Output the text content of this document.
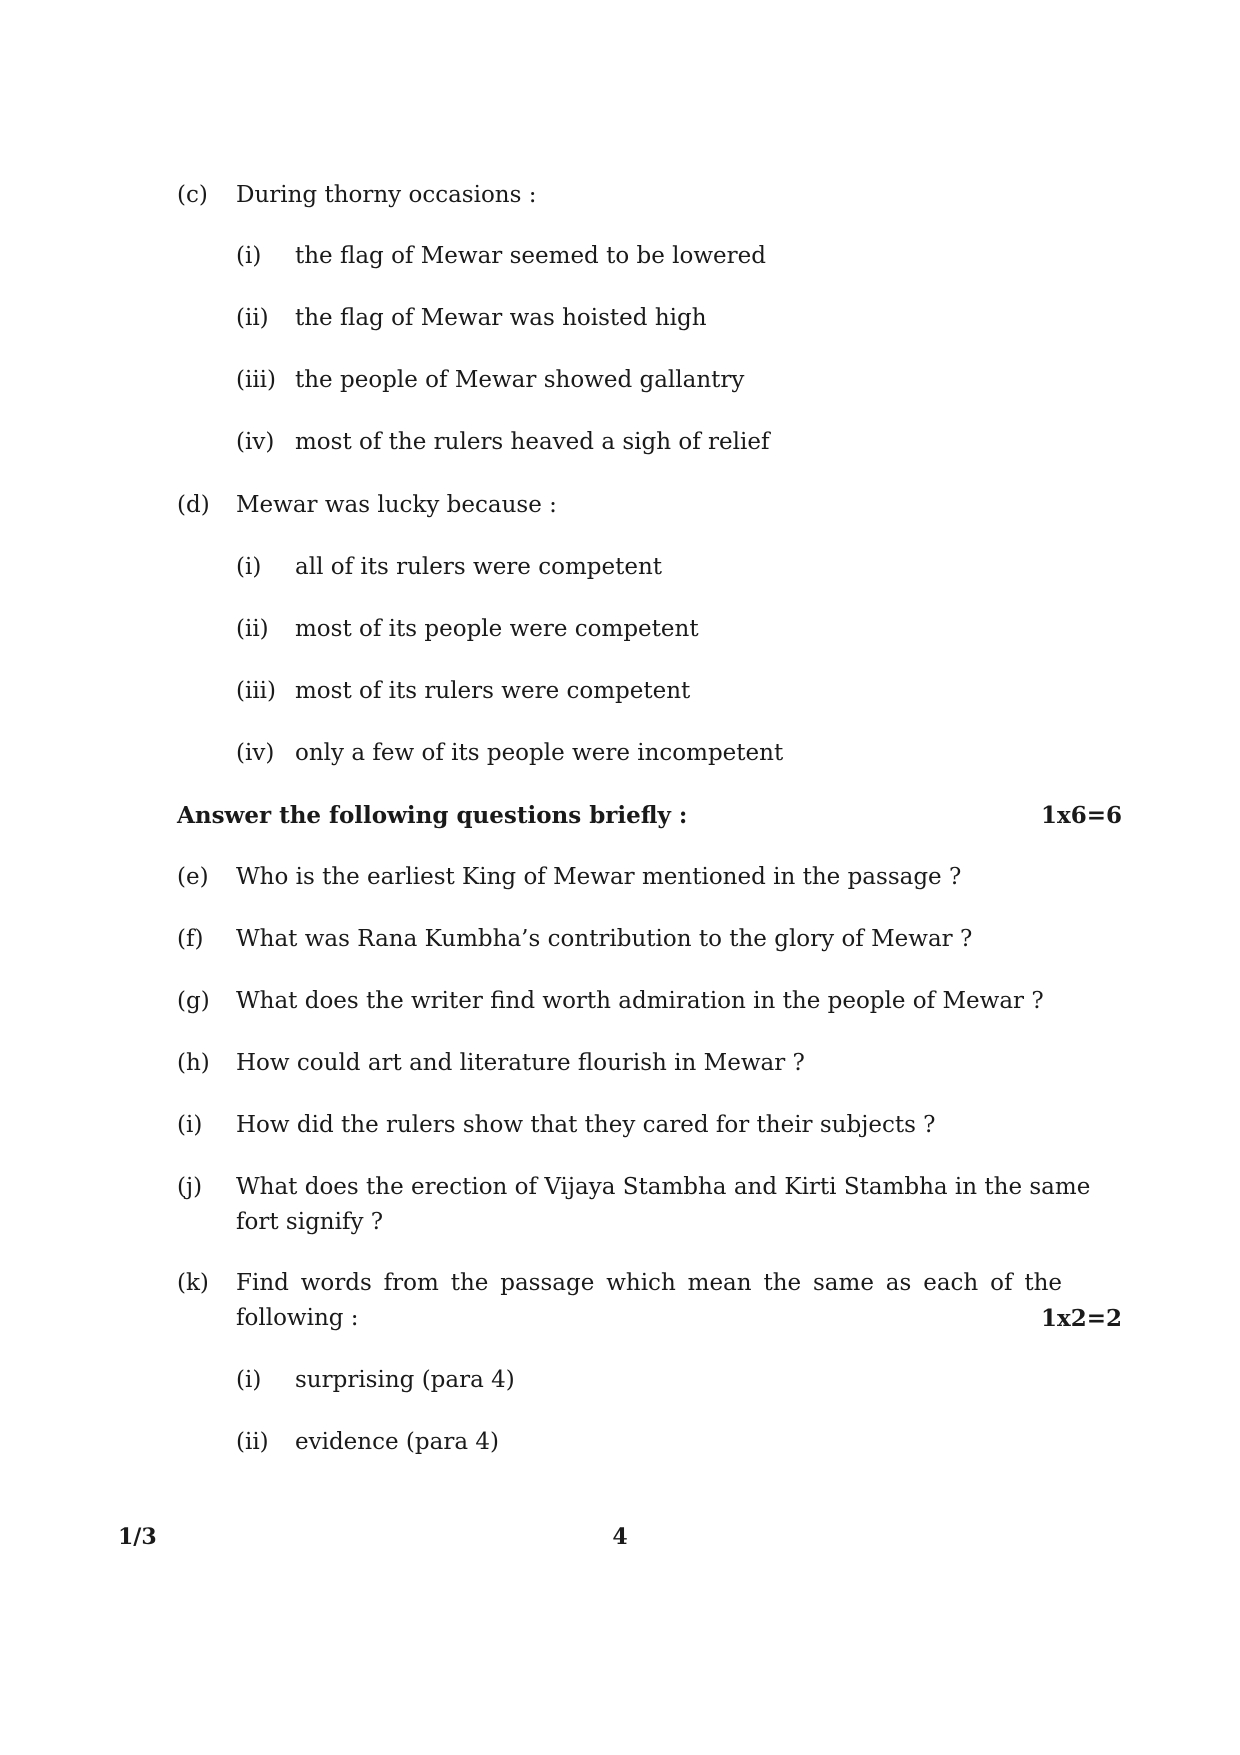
(c) During thorny occasions :
(i) the flag of Mewar seemed to be lowered
(ii) the flag of Mewar was hoisted high
(iii) the people of Mewar showed gallantry
(iv) most of the rulers heaved a sigh of relief
(d) Mewar was lucky because :
(i) all of its rulers were competent
(ii) most of its people were competent
(iii) most of its rulers were competent
(iv) only a few of its people were incompetent
Answer the following questions briefly :	1x6=6
(e) Who is the earliest King of Mewar mentioned in the passage ?
(f) What was Rana Kumbha’s contribution to the glory of Mewar ?
(g) What does the writer find worth admiration in the people of Mewar ?
(h) How could art and literature flourish in Mewar ?
(i) How did the rulers show that they cared for their subjects ?
(j) What does the erection of Vijaya Stambha and Kirti Stambha in the same
fort signify ?
(k) Find words from the passage which mean the same as each of the
following :	1x2=2
(i) surprising (para 4)
(ii) evidence (para 4)
1/3	4
